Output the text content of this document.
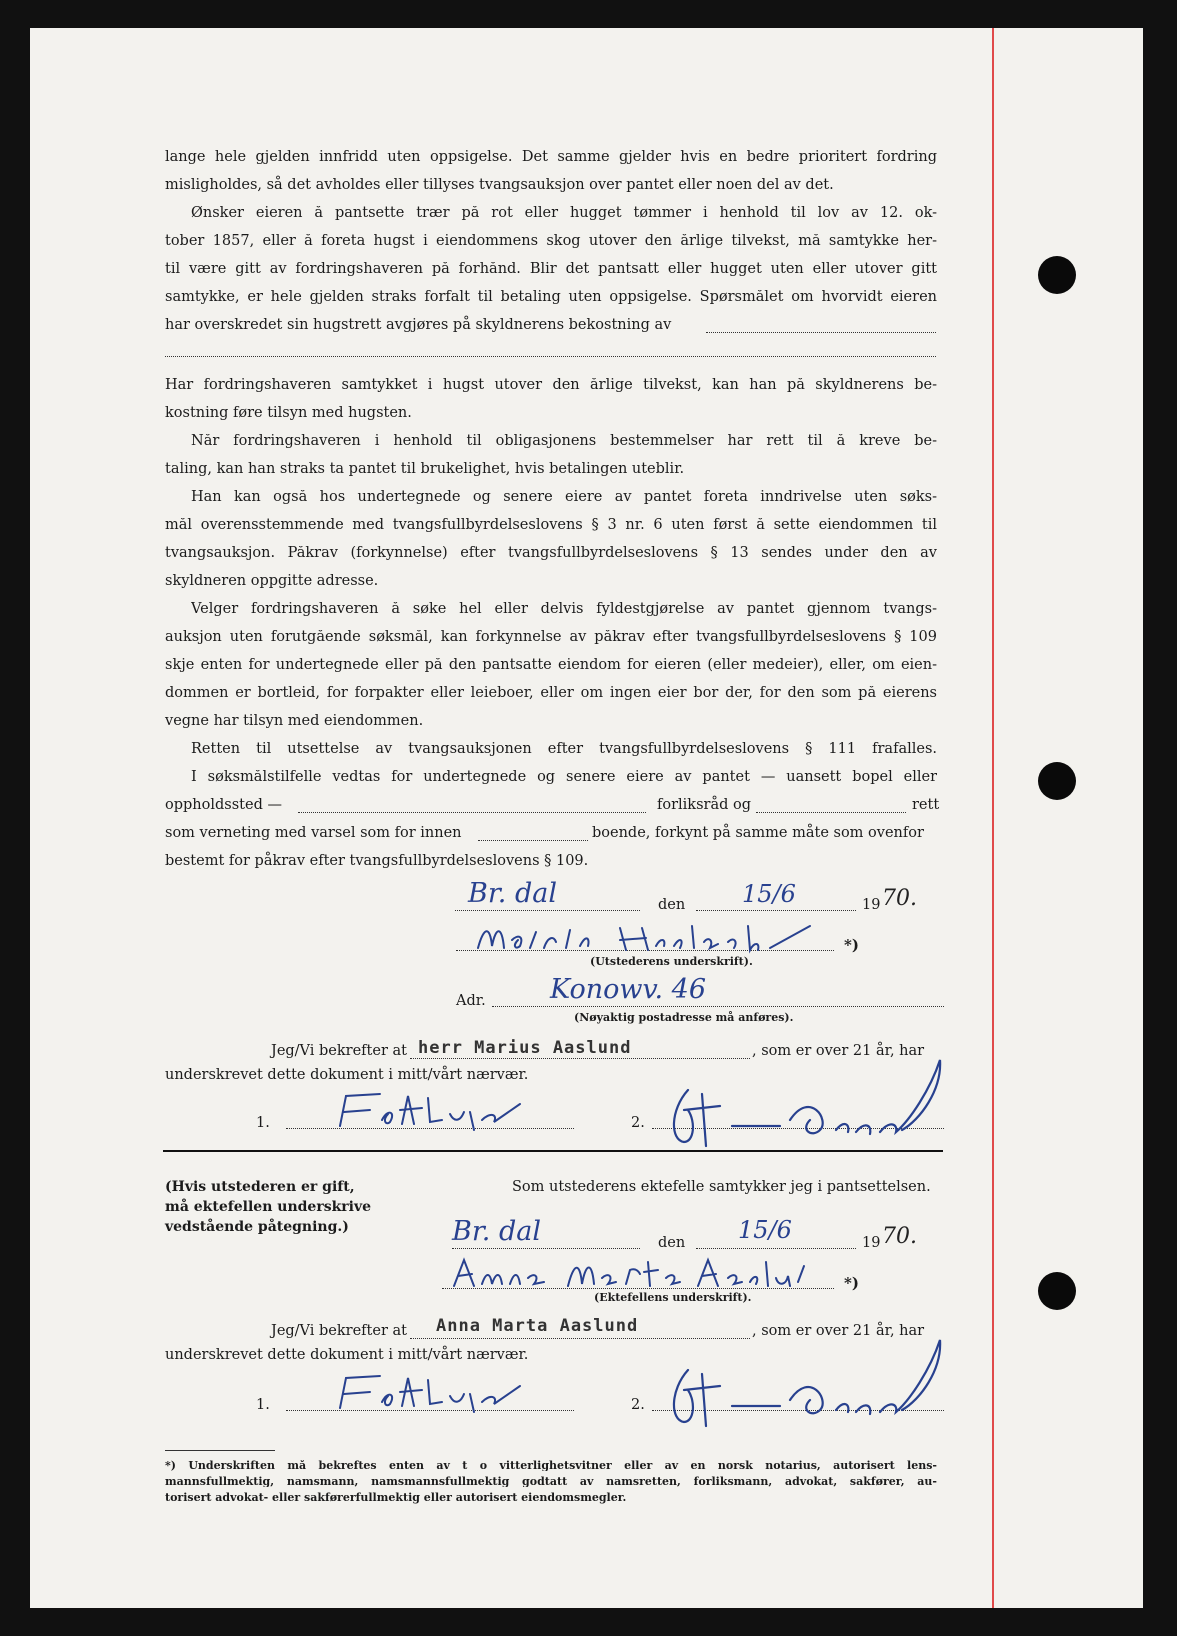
lange hele gjelden innfridd uten oppsigelse. Det samme gjelder hvis en bedre prioritert fordring
misligholdes, så det avholdes eller tillyses tvangsauksjon over pantet eller noen del av det.
Ønsker eieren å pantsette trær på rot eller hugget tømmer i henhold til lov av 12. ok-
tober 1857, eller å foreta hugst i eiendommens skog utover den årlige tilvekst, må samtykke her-
til være gitt av fordringshaveren på forhånd. Blir det pantsatt eller hugget uten eller utover gitt
samtykke, er hele gjelden straks forfalt til betaling uten oppsigelse. Spørsmålet om hvorvidt eieren
har overskredet sin hugstrett avgjøres på skyldnerens bekostning av
Har fordringshaveren samtykket i hugst utover den årlige tilvekst, kan han på skyldnerens be-
kostning føre tilsyn med hugsten.
Når fordringshaveren i henhold til obligasjonens bestemmelser har rett til å kreve be-
taling, kan han straks ta pantet til brukelighet, hvis betalingen uteblir.
Han kan også hos undertegnede og senere eiere av pantet foreta inndrivelse uten søks-
mål overensstemmende med tvangsfullbyrdelseslovens § 3 nr. 6 uten først å sette eiendommen til
tvangsauksjon. Påkrav (forkynnelse) efter tvangsfullbyrdelseslovens § 13 sendes under den av
skyldneren oppgitte adresse.
Velger fordringshaveren å søke hel eller delvis fyldestgjørelse av pantet gjennom tvangs-
auksjon uten forutgående søksmål, kan forkynnelse av påkrav efter tvangsfullbyrdelseslovens § 109
skje enten for undertegnede eller på den pantsatte eiendom for eieren (eller medeier), eller, om eien-
dommen er bortleid, for forpakter eller leieboer, eller om ingen eier bor der, for den som på eierens
vegne har tilsyn med eiendommen.
Retten til utsettelse av tvangsauksjonen efter tvangsfullbyrdelseslovens § 111 frafalles.
I søksmålstilfelle vedtas for undertegnede og senere eiere av pantet — uansett bopel eller
oppholdssted —	forliksråd og	rett
som verneting med varsel som for innen	boende, forkynt på samme måte som ovenfor
bestemt for påkrav efter tvangsfullbyrdelseslovens § 109.
Br. dal	den 15/6	19 70.
Marius Aaslund
*)
(Utstederens underskrift).
Adr. Konowv. 46
(Nøyaktig postadresse må anføres).
Jeg/Vi bekrefter at herr Marius Aaslund	, som er over 21 år, har
underskrevet dette dokument i mitt/vårt nærvær.
1.	2.
(Hvis utstederen er gift,
må ektefellen underskrive
vedstående påtegning.)
Som utstederens ektefelle samtykker jeg i pantsettelsen.
Br. dal	den 15/6	19 70.
Anna Marta Aaslund
*)
(Ektefellens underskrift).
Jeg/Vi bekrefter at Anna Marta Aaslund	, som er over 21 år, har
underskrevet dette dokument i mitt/vårt nærvær.
1.	2.
*) Underskriften må bekreftes enten av t o vitterlighetsvitner eller av en norsk notarius, autorisert lens-
mannsfullmektig, namsmann, namsmannsfullmektig godtatt av namsretten, forliksmann, advokat, sakfører, au-
torisert advokat- eller sakførerfullmektig eller autorisert eiendomsmegler.
